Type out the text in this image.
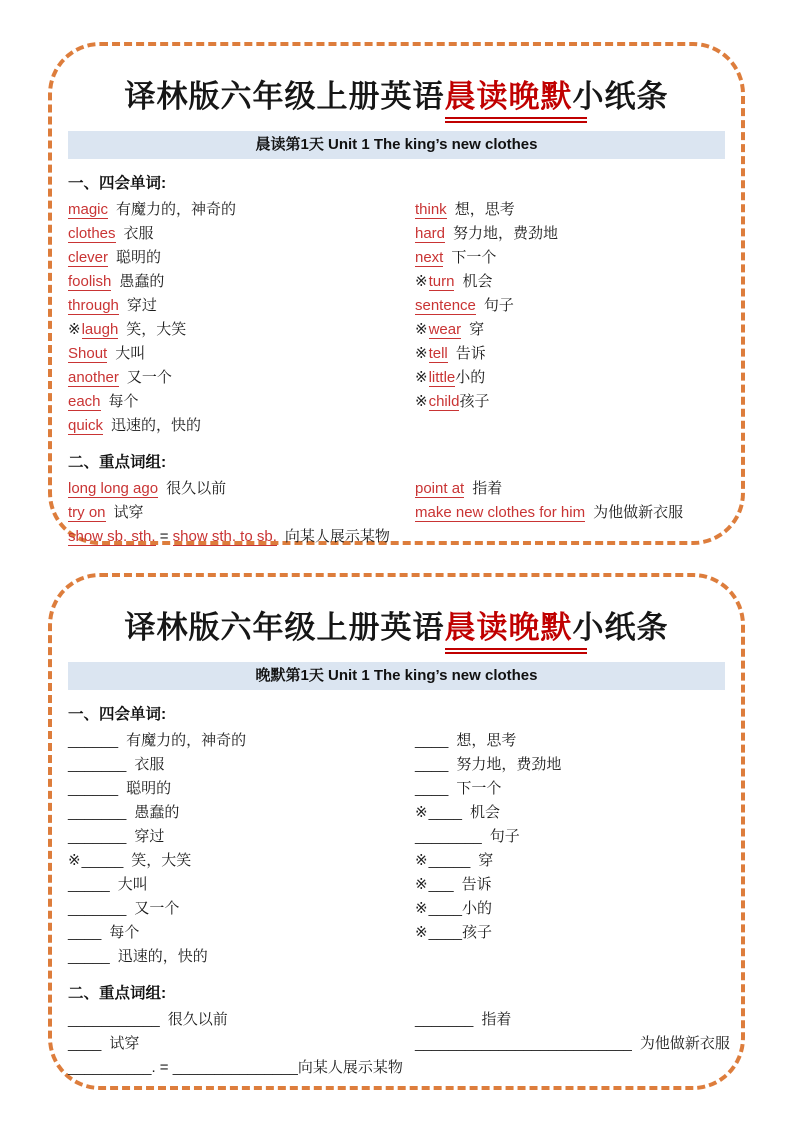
译林版六年级上册英语晨读晚默小纸条
晨读第1天 Unit 1 The king’s new clothes
一、四会单词:
magic 有魔力的，神奇的
clothes 衣服
clever 聪明的
foolish 愚蠢的
through 穿过
※laugh 笑，大笑
Shout 大叫
another 又一个
each 每个
quick 迅速的，快的
think 想，思考
hard 努力地，费劲地
next 下一个
※turn 机会
sentence 句子
※wear 穿
※tell 告诉
※little小的
※child孩子
二、重点词组:
long long ago 很久以前	point at 指着
try on 试穿	make new clothes for him 为他做新衣服
show sb. sth. = show sth. to sb. 向某人展示某物
译林版六年级上册英语晨读晚默小纸条
晚默第1天 Unit 1 The king’s new clothes
一、四会单词:
______ 有魔力的，神奇的
_______ 衣服
______ 聪明的
_______ 愚蠢的
_______ 穿过
※_____ 笑，大笑
_____ 大叫
_______ 又一个
____ 每个
_____ 迅速的，快的
____ 想，思考
____ 努力地，费劲地
____ 下一个
※____ 机会
________ 句子
※_____ 穿
※___ 告诉
※____小的
※____孩子
二、重点词组:
___________ 很久以前	_______ 指着
____ 试穿	__________________________ 为他做新衣服
__________. = _______________向某人展示某物
